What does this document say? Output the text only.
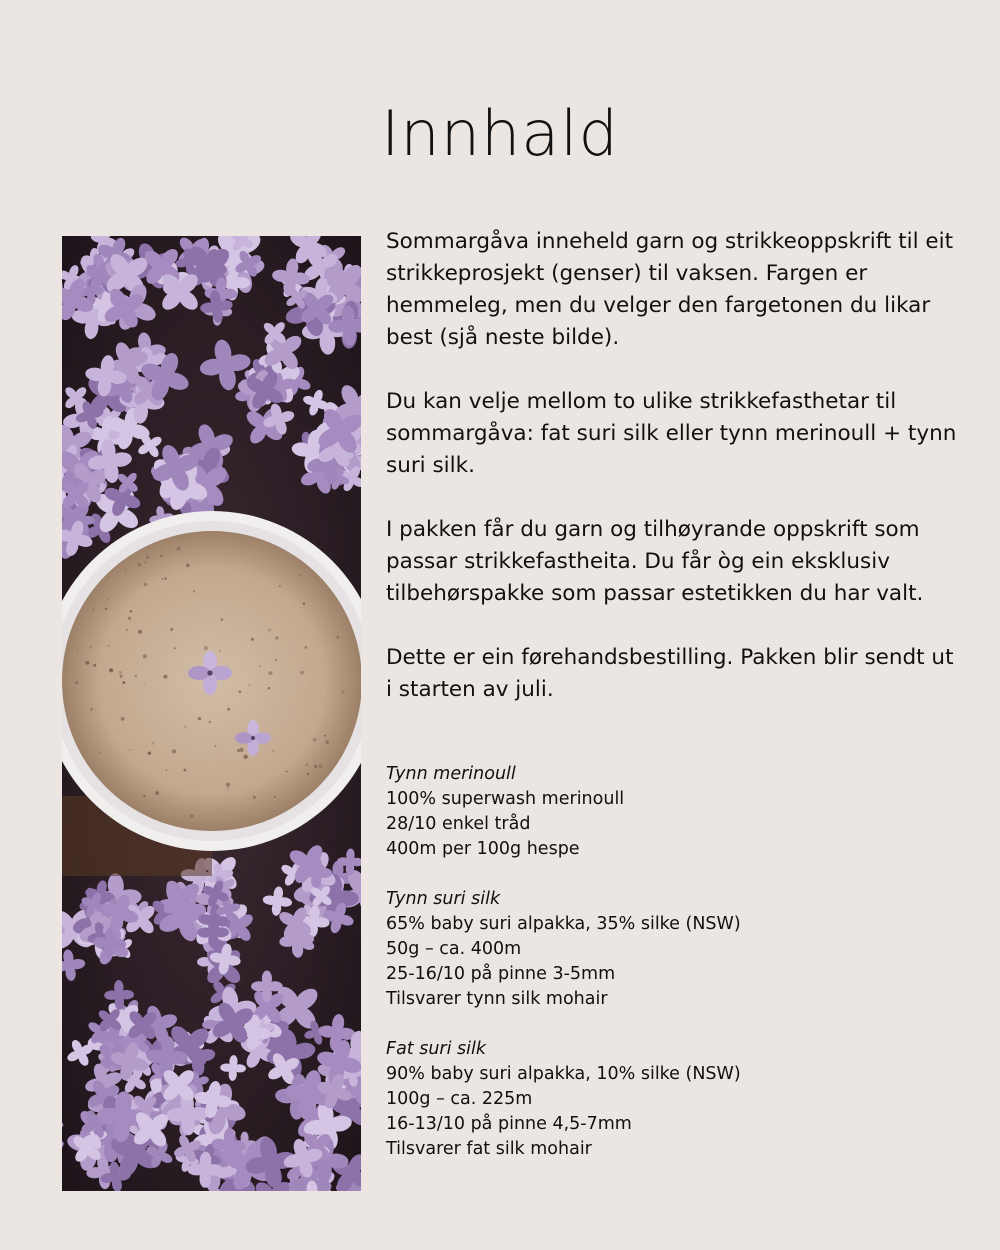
Innhald

Sommargåva inneheld garn og strikkeoppskrift til eit strikkeprosjekt (genser) til vaksen. Fargen er hemmeleg, men du velger den fargetonen du likar best (sjå neste bilde).

Du kan velje mellom to ulike strikkefasthetar til sommargåva: fat suri silk eller tynn merinoull + tynn suri silk.

I pakken får du garn og tilhøyrande oppskrift som passar strikkefastheita. Du får òg ein eksklusiv tilbehørspakke som passar estetikken du har valt.

Dette er ein førehandsbestilling. Pakken blir sendt ut i starten av juli.

Tynn merinoull
100% superwash merinoull
28/10 enkel tråd
400m per 100g hespe
Tynn suri silk
65% baby suri alpakka, 35% silke (NSW)
50g – ca. 400m
25-16/10 på pinne 3-5mm
Tilsvarer tynn silk mohair
Fat suri silk
90% baby suri alpakka, 10% silke (NSW)
100g – ca. 225m
16-13/10 på pinne 4,5-7mm
Tilsvarer fat silk mohair
